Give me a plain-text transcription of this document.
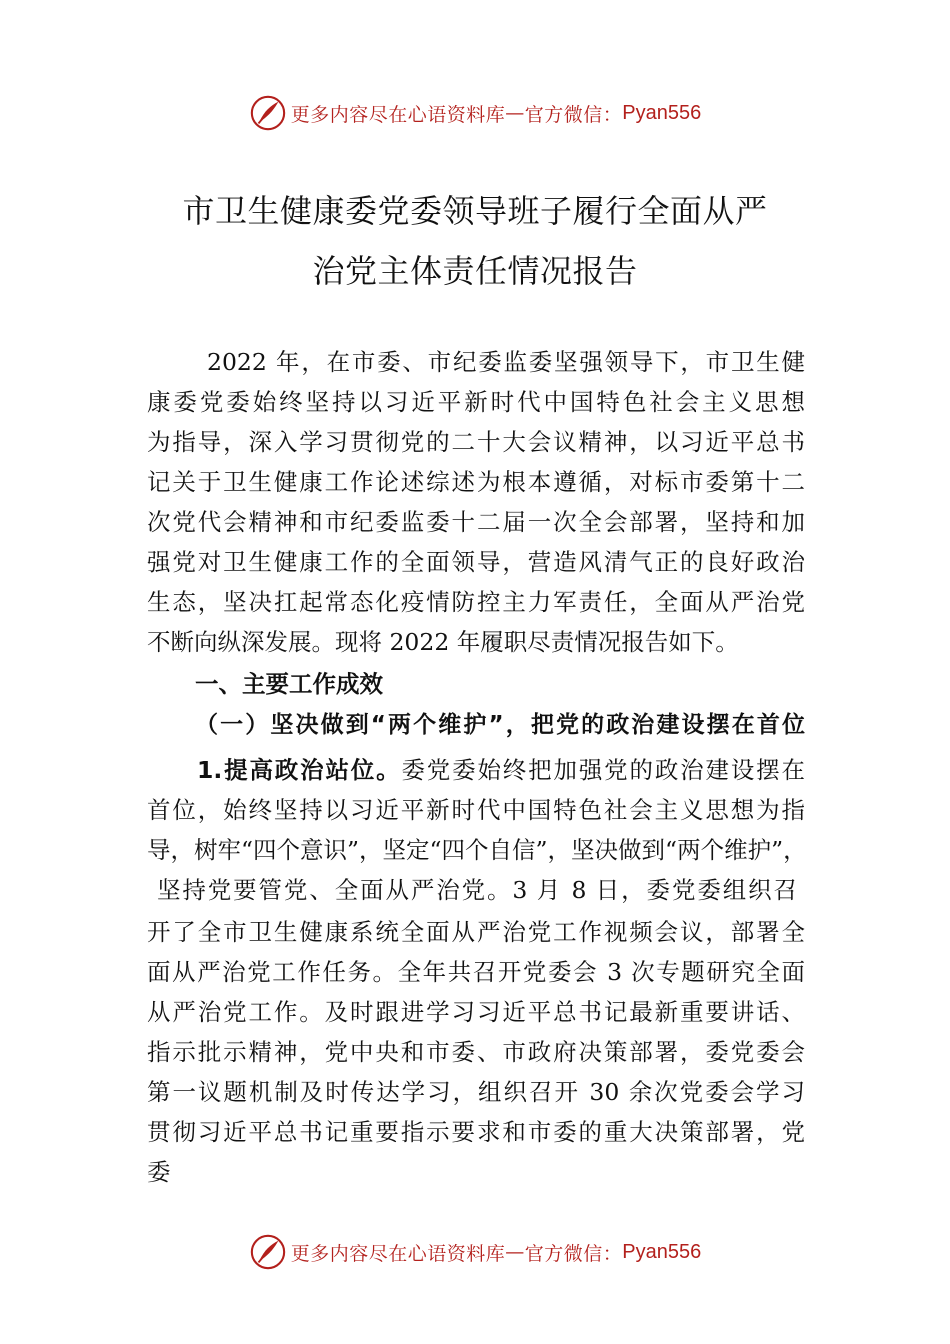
更多内容尽在心语资料库 — 官方微信： Pyan556
市卫生健康委党委领导班子履行全面从严
治党主体责任情况报告
2022 年，在市委、市纪委监委坚强领导下，市卫生健
康委党委始终坚持以习近平新时代中国特色社会主义思想
为指导，深入学习贯彻党的二十大会议精神，以习近平总书
记关于卫生健康工作论述综述为根本遵循，对标市委第十二
次党代会精神和市纪委监委十二届一次全会部署，坚持和加
强党对卫生健康工作的全面领导，营造风清气正的良好政治
生态，坚决扛起常态化疫情防控主力军责任，全面从严治党
不断向纵深发展。现将 2022 年履职尽责情况报告如下。
一、主要工作成效
（一）坚决做到“两个维护”，把党的政治建设摆在首位
1.提高政治站位。委党委始终把加强党的政治建设摆在
首位，始终坚持以习近平新时代中国特色社会主义思想为指
导，树牢“四个意识”，坚定“四个自信”，坚决做到“两个维护”，
坚持党要管党、全面从严治党。3 月 8 日，委党委组织召
开了全市卫生健康系统全面从严治党工作视频会议，部署全
面从严治党工作任务。全年共召开党委会 3 次专题研究全面
从严治党工作。及时跟进学习习近平总书记最新重要讲话、
指示批示精神，党中央和市委、市政府决策部署，委党委会
第一议题机制及时传达学习，组织召开 30 余次党委会学习
贯彻习近平总书记重要指示要求和市委的重大决策部署，党
委
更多内容尽在心语资料库 — 官方微信： Pyan556
